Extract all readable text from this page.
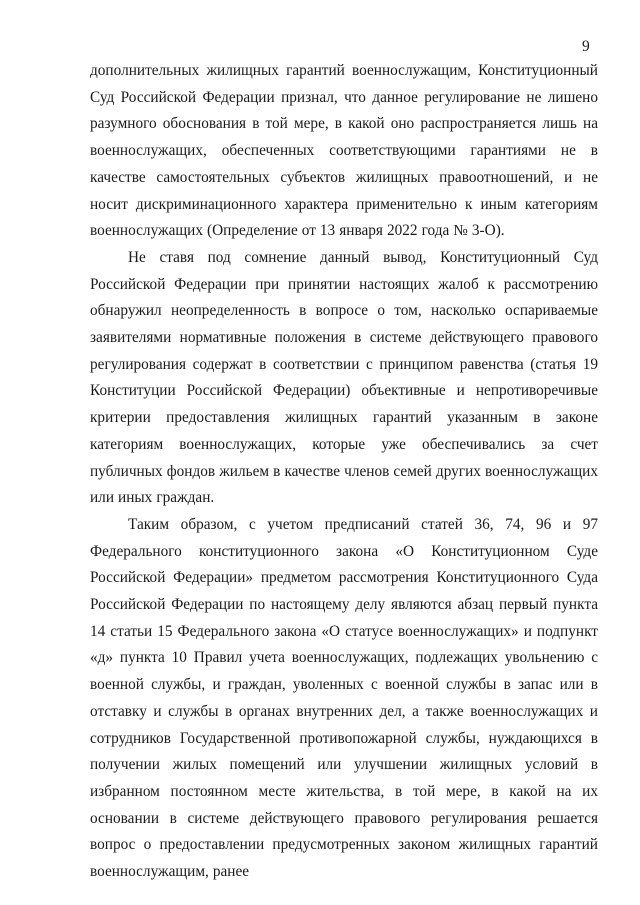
9

дополнительных жилищных гарантий военнослужащим, Конституционный Суд Российской Федерации признал, что данное регулирование не лишено разумного обоснования в той мере, в какой оно распространяется лишь на военнослужащих, обеспеченных соответствующими гарантиями не в качестве самостоятельных субъектов жилищных правоотношений, и не носит дискриминационного характера применительно к иным категориям военнослужащих (Определение от 13 января 2022 года № 3-О).

Не ставя под сомнение данный вывод, Конституционный Суд Российской Федерации при принятии настоящих жалоб к рассмотрению обнаружил неопределенность в вопросе о том, насколько оспариваемые заявителями нормативные положения в системе действующего правового регулирования содержат в соответствии с принципом равенства (статья 19 Конституции Российской Федерации) объективные и непротиворечивые критерии предоставления жилищных гарантий указанным в законе категориям военнослужащих, которые уже обеспечивались за счет публичных фондов жильем в качестве членов семей других военнослужащих или иных граждан.

Таким образом, с учетом предписаний статей 36, 74, 96 и 97 Федерального конституционного закона «О Конституционном Суде Российской Федерации» предметом рассмотрения Конституционного Суда Российской Федерации по настоящему делу являются абзац первый пункта 14 статьи 15 Федерального закона «О статусе военнослужащих» и подпункт «д» пункта 10 Правил учета военнослужащих, подлежащих увольнению с военной службы, и граждан, уволенных с военной службы в запас или в отставку и службы в органах внутренних дел, а также военнослужащих и сотрудников Государственной противопожарной службы, нуждающихся в получении жилых помещений или улучшении жилищных условий в избранном постоянном месте жительства, в той мере, в какой на их основании в системе действующего правового регулирования решается вопрос о предоставлении предусмотренных законом жилищных гарантий военнослужащим, ранее
